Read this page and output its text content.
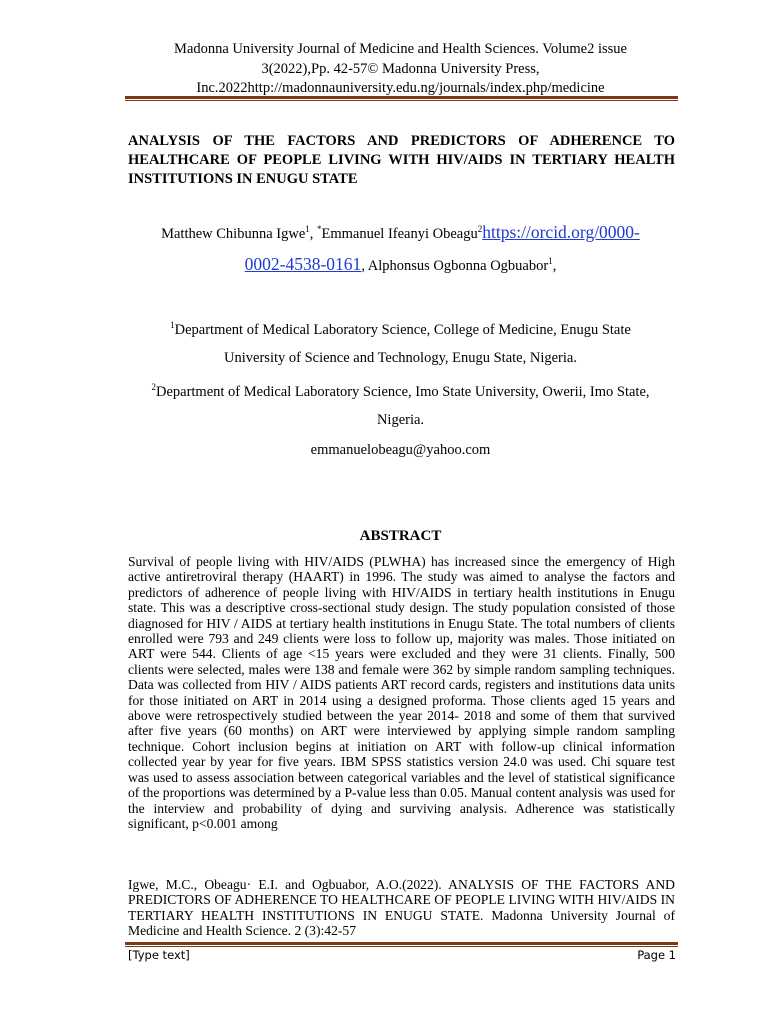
Madonna University Journal of Medicine and Health Sciences. Volume2 issue
3(2022),Pp. 42-57© Madonna University Press,
Inc.2022http://madonnauniversity.edu.ng/journals/index.php/medicine
ANALYSIS OF THE FACTORS AND PREDICTORS OF ADHERENCE TO HEALTHCARE OF PEOPLE LIVING WITH HIV/AIDS IN TERTIARY HEALTH INSTITUTIONS IN ENUGU STATE
Matthew Chibunna Igwe$^1$, *Emmanuel Ifeanyi Obeagu$^2$https://orcid.org/0000-
0002-4538-0161, Alphonsus Ogbonna Ogbuabor$^1$,
$^1$Department of Medical Laboratory Science, College of Medicine, Enugu State
University of Science and Technology, Enugu State, Nigeria.
$^2$Department of Medical Laboratory Science, Imo State University, Owerii, Imo State,
Nigeria.
emmanuelobeagu@yahoo.com
ABSTRACT
Survival of people living with HIV/AIDS (PLWHA) has increased since the emergency of High active antiretroviral therapy (HAART) in 1996. The study was aimed to analyse the factors and predictors of adherence of people living with HIV/AIDS in tertiary health institutions in Enugu state. This was a descriptive cross-sectional study design. The study population consisted of those diagnosed for HIV / AIDS at tertiary health institutions in Enugu State. The total numbers of clients enrolled were 793 and 249 clients were loss to follow up, majority was males. Those initiated on ART were 544. Clients of age <15 years were excluded and they were 31 clients. Finally, 500 clients were selected, males were 138 and female were 362 by simple random sampling techniques. Data was collected from HIV / AIDS patients ART record cards, registers and institutions data units for those initiated on ART in 2014 using a designed proforma. Those clients aged 15 years and above were retrospectively studied between the year 2014- 2018 and some of them that survived after five years (60 months) on ART were interviewed by applying simple random sampling technique. Cohort inclusion begins at initiation on ART with follow-up clinical information collected year by year for five years. IBM SPSS statistics version 24.0 was used. Chi square test was used to assess association between categorical variables and the level of statistical significance of the proportions was determined by a P-value less than 0.05. Manual content analysis was used for the interview and probability of dying and surviving analysis. Adherence was statistically significant, p<0.001 among
Igwe, M.C., Obeagu· E.I. and Ogbuabor, A.O.(2022). ANALYSIS OF THE FACTORS AND PREDICTORS OF ADHERENCE TO HEALTHCARE OF PEOPLE LIVING WITH HIV/AIDS IN TERTIARY HEALTH INSTITUTIONS IN ENUGU STATE. Madonna University Journal of Medicine and Health Science. 2 (3):42-57
[Type text]	Page 1
